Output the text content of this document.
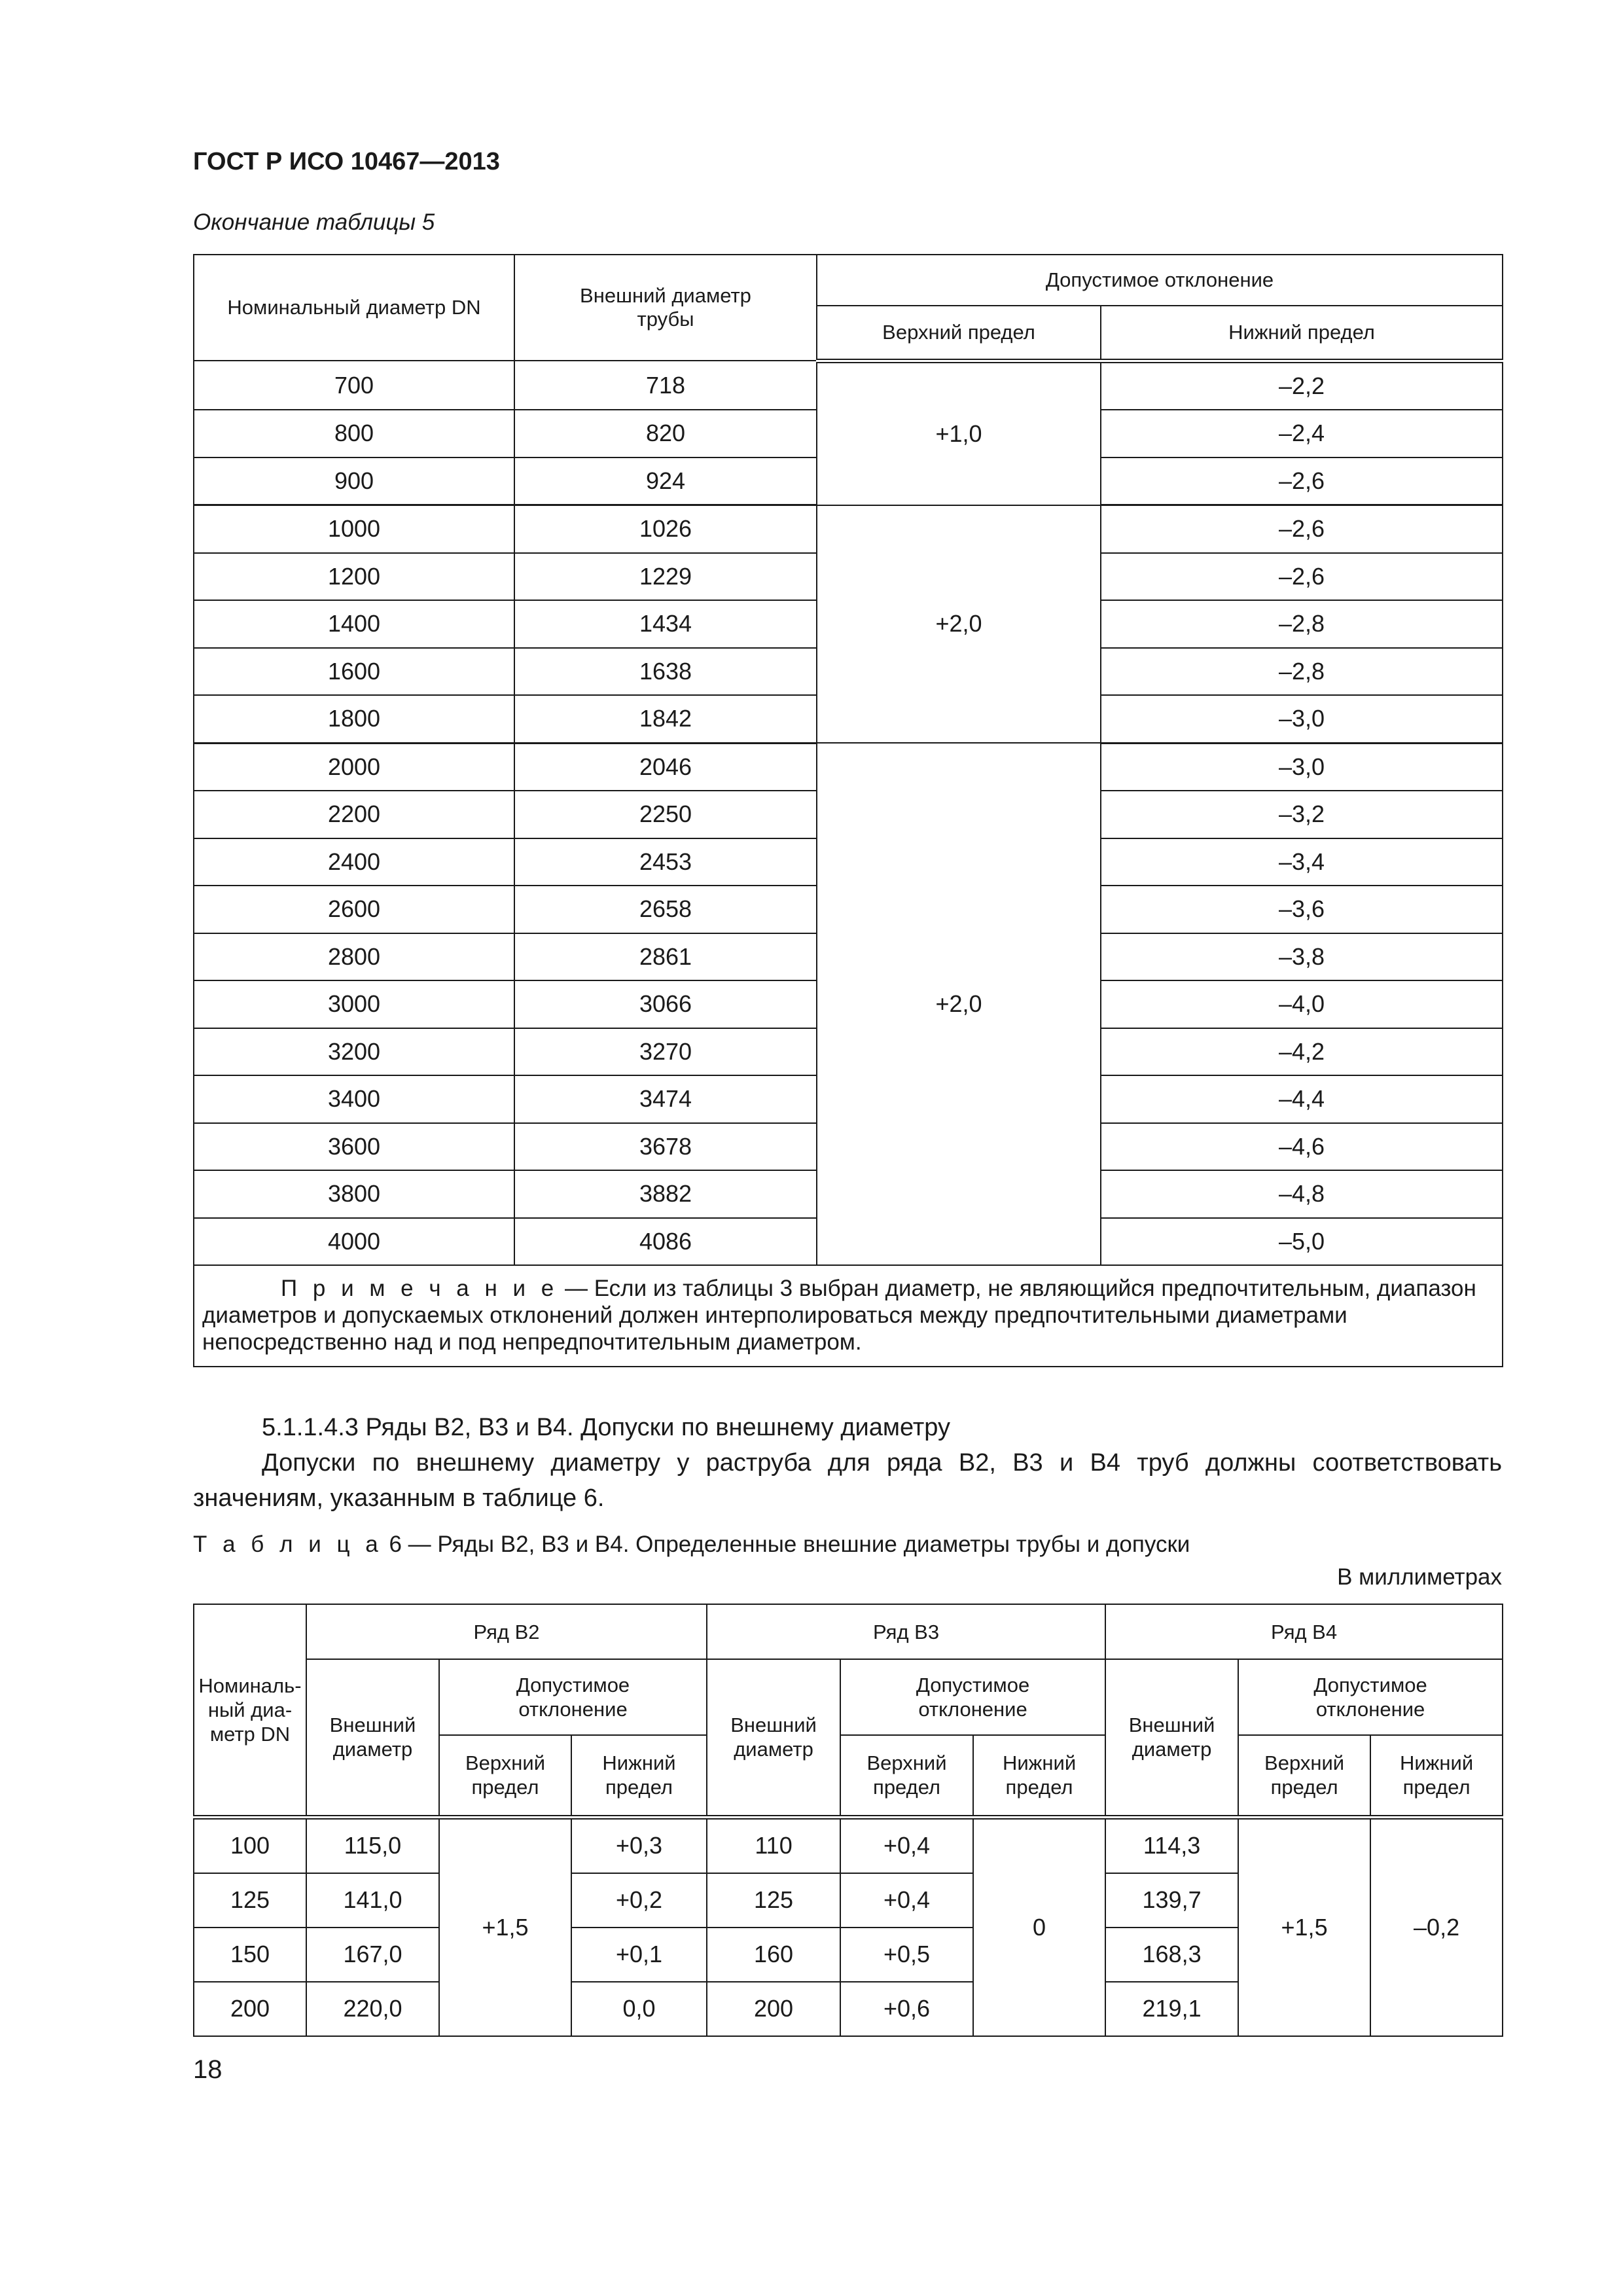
ГОСТ Р ИСО 10467—2013
Окончание таблицы 5
Номинальный диаметр DN	Внешний диаметр трубы	Допустимое отклонение	
		Верхний предел	Нижний предел
700	718	+1,0	–2,2
800	820		–2,4
900	924		–2,6
1000	1026	+2,0	–2,6
1200	1229		–2,6
1400	1434		–2,8
1600	1638		–2,8
1800	1842		–3,0
2000	2046	+2,0	–3,0
2200	2250		–3,2
2400	2453		–3,4
2600	2658		–3,6
2800	2861		–3,8
3000	3066		–4,0
3200	3270		–4,2
3400	3474		–4,4
3600	3678		–4,6
3800	3882		–4,8
4000	4086		–5,0

П р и м е ч а н и е — Если из таблицы 3 выбран диаметр, не являющийся предпочтительным, диапазон диаметров и допускаемых отклонений должен интерполироваться между предпочтительными диаметрами непосредственно над и под непредпочтительным диаметром.			
5.1.1.4.3 Ряды В2, В3 и В4. Допуски по внешнему диаметру
Допуски по внешнему диаметру у раструба для ряда В2, В3 и В4 труб должны соответствовать значениям, указанным в таблице 6.
Т а б л и ц а 6 — Ряды В2, В3 и В4. Определенные внешние диаметры трубы и допуски
В миллиметрах
Номиналь-ный диа-метр DN	Ряд В2			Ряд В3			Ряд В4		
	Внешний диаметр	Допустимое отклонение		Внешний диаметр	Допустимое отклонение		Внешний диаметр	Допустимое отклонение	
		Верхний предел	Нижний предел		Верхний предел	Нижний предел		Верхний предел	Нижний предел
100	115,0	+1,5	+0,3	110	+0,4	0	114,3	+1,5	–0,2
125	141,0		+0,2	125	+0,4		139,7		
150	167,0		+0,1	160	+0,5		168,3		
200	220,0		0,0	200	+0,6		219,1		
18
